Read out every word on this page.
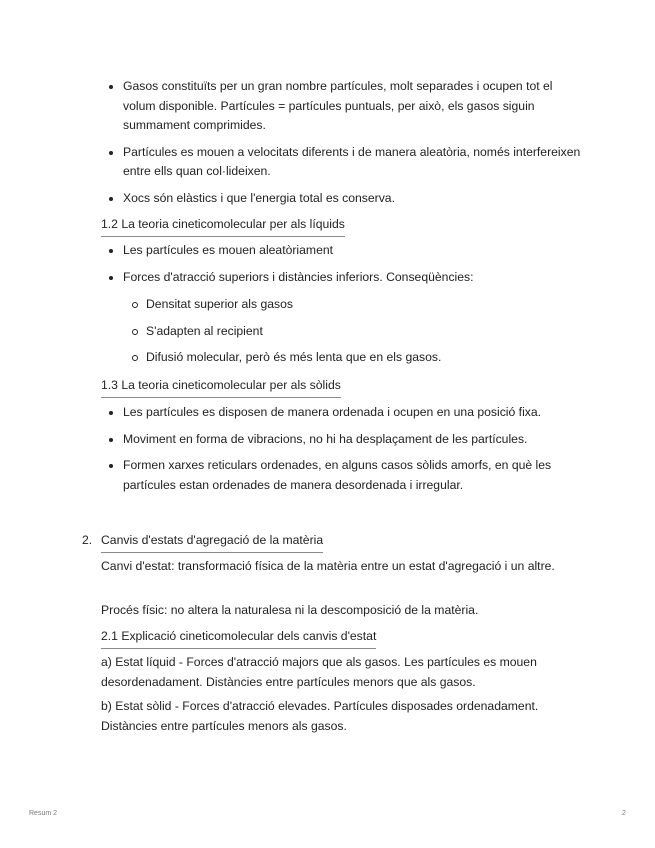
Gasos constituïts per un gran nombre partícules, molt separades i ocupen tot el volum disponible. Partícules = partícules puntuals, per això, els gasos siguin summament comprimides.
Partícules es mouen a velocitats diferents i de manera aleatòria, només interfereixen entre ells quan col·lideixen.
Xocs són elàstics i que l'energia total es conserva.
1.2 La teoria cineticomolecular per als líquids
Les partícules es mouen aleatòriament
Forces d'atracció superiors i distàncies inferiors. Conseqüències:
Densitat superior als gasos
S'adapten al recipient
Difusió molecular, però és més lenta que en els gasos.
1.3 La teoria cineticomolecular per als sòlids
Les partícules es disposen de manera ordenada i ocupen en una posició fixa.
Moviment en forma de vibracions, no hi ha desplaçament de les partícules.
Formen xarxes reticulars ordenades, en alguns casos sòlids amorfs, en què les partícules estan ordenades de manera desordenada i irregular.
2. Canvis d'estats d'agregació de la matèria
Canvi d'estat: transformació física de la matèria entre un estat d'agregació i un altre.
Procés físic: no altera la naturalesa ni la descomposició de la matèria.
2.1 Explicació cineticomolecular dels canvis d'estat
a) Estat líquid - Forces d'atracció majors que als gasos. Les partícules es mouen desordenadament. Distàncies entre partícules menors que als gasos.
b) Estat sòlid - Forces d'atracció elevades. Partícules disposades ordenadament. Distàncies entre partícules menors als gasos.
Resum 2	2
